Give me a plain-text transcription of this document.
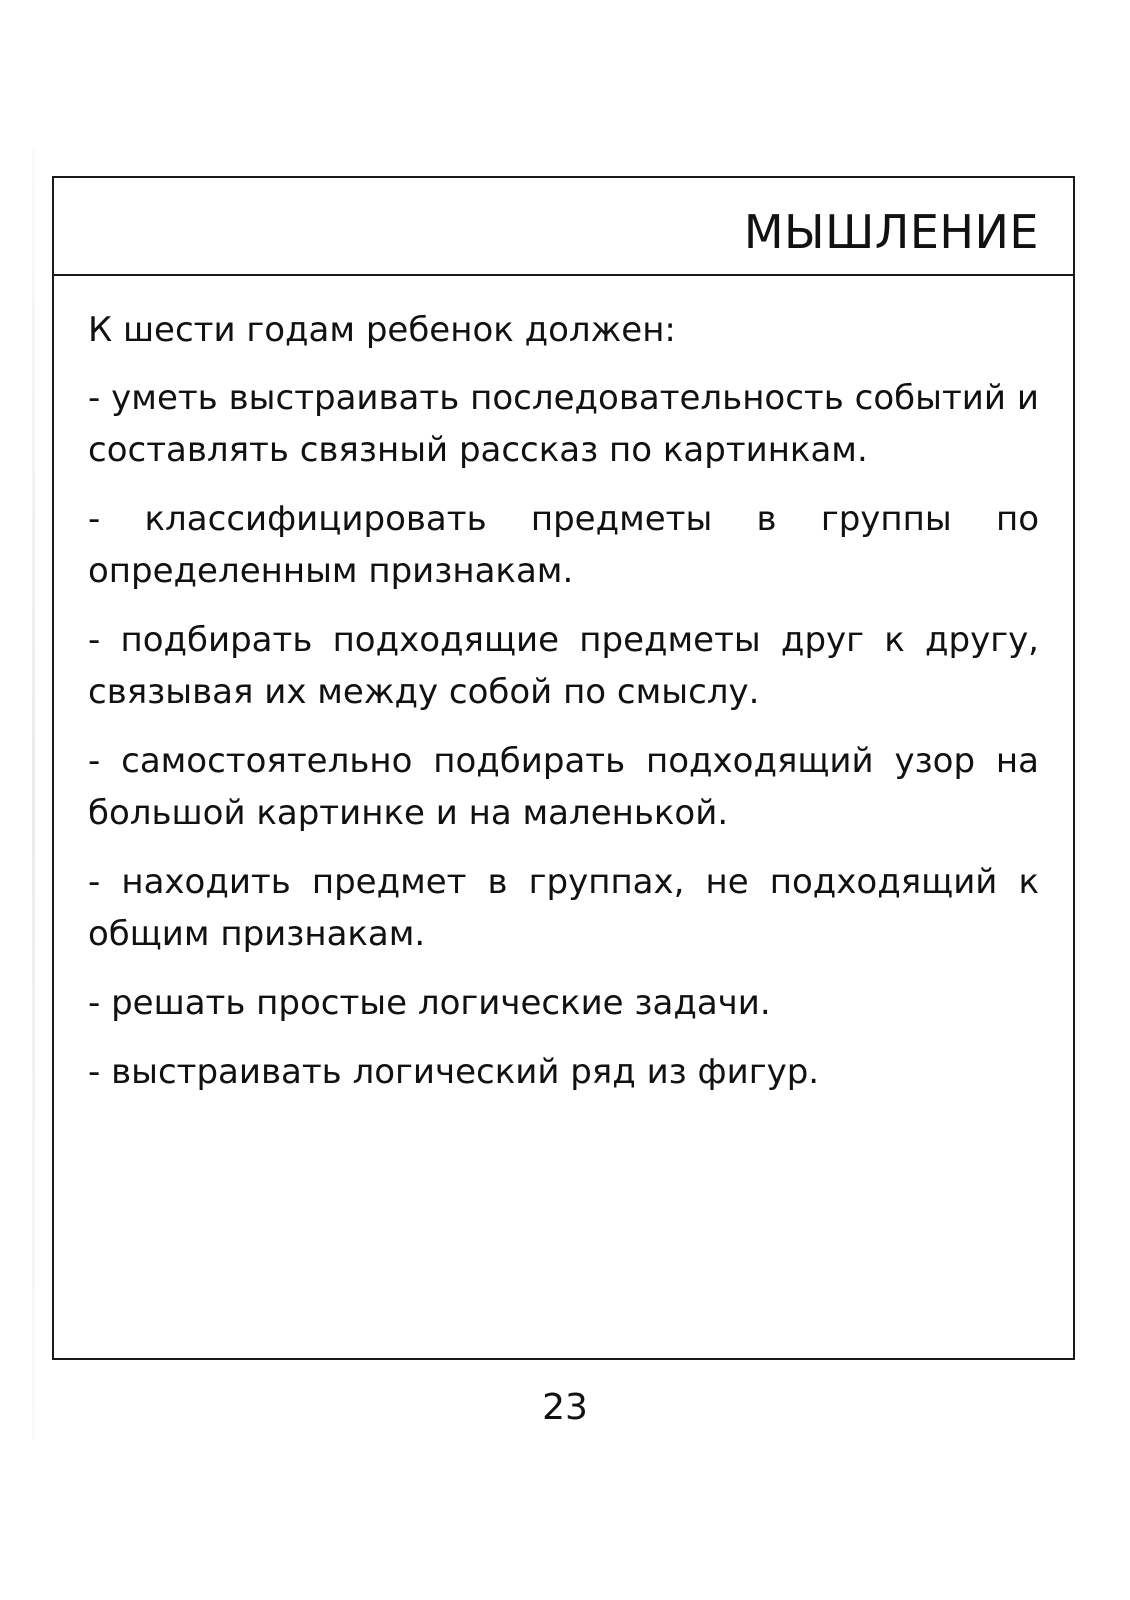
МЫШЛЕНИЕ

К шести годам ребенок должен:

- уметь выстраивать последовательность событий и составлять связный рассказ по картинкам.

- классифицировать предметы в группы по определенным признакам.

- подбирать подходящие предметы друг к другу, связывая их между собой по смыслу.

- самостоятельно подбирать подходящий узор на большой картинке и на маленькой.

- находить предмет в группах, не подходящий к общим признакам.

- решать простые логические задачи.

- выстраивать логический ряд из фигур.

23
